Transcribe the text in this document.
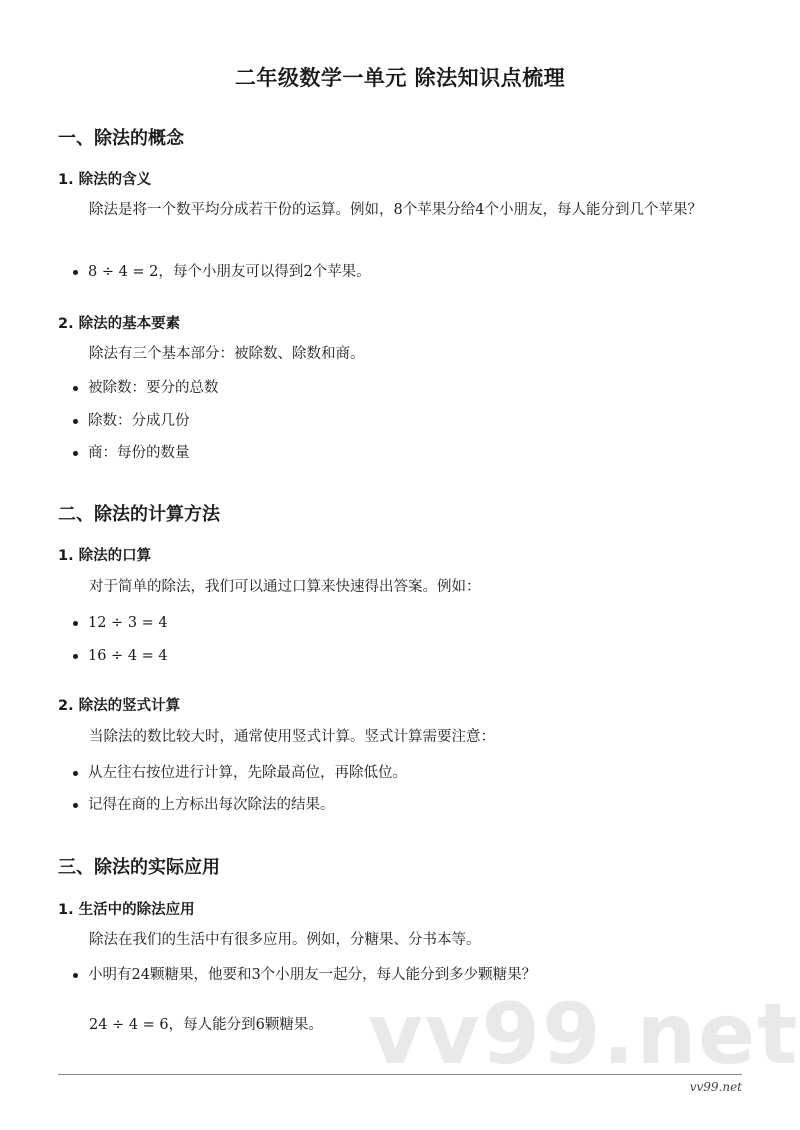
二年级数学一单元 除法知识点梳理
一、除法的概念
1. 除法的含义
除法是将一个数平均分成若干份的运算。例如，8个苹果分给4个小朋友，每人能分到几个苹果？
8 ÷ 4 = 2，每个小朋友可以得到2个苹果。
2. 除法的基本要素
除法有三个基本部分：被除数、除数和商。
被除数：要分的总数
除数：分成几份
商：每份的数量
二、除法的计算方法
1. 除法的口算
对于简单的除法，我们可以通过口算来快速得出答案。例如：
12 ÷ 3 = 4
16 ÷ 4 = 4
2. 除法的竖式计算
当除法的数比较大时，通常使用竖式计算。竖式计算需要注意：
从左往右按位进行计算，先除最高位，再除低位。
记得在商的上方标出每次除法的结果。
三、除法的实际应用
1. 生活中的除法应用
除法在我们的生活中有很多应用。例如，分糖果、分书本等。
小明有24颗糖果，他要和3个小朋友一起分，每人能分到多少颗糖果？
24 ÷ 4 = 6，每人能分到6颗糖果。 vv99.net
vv99.net
